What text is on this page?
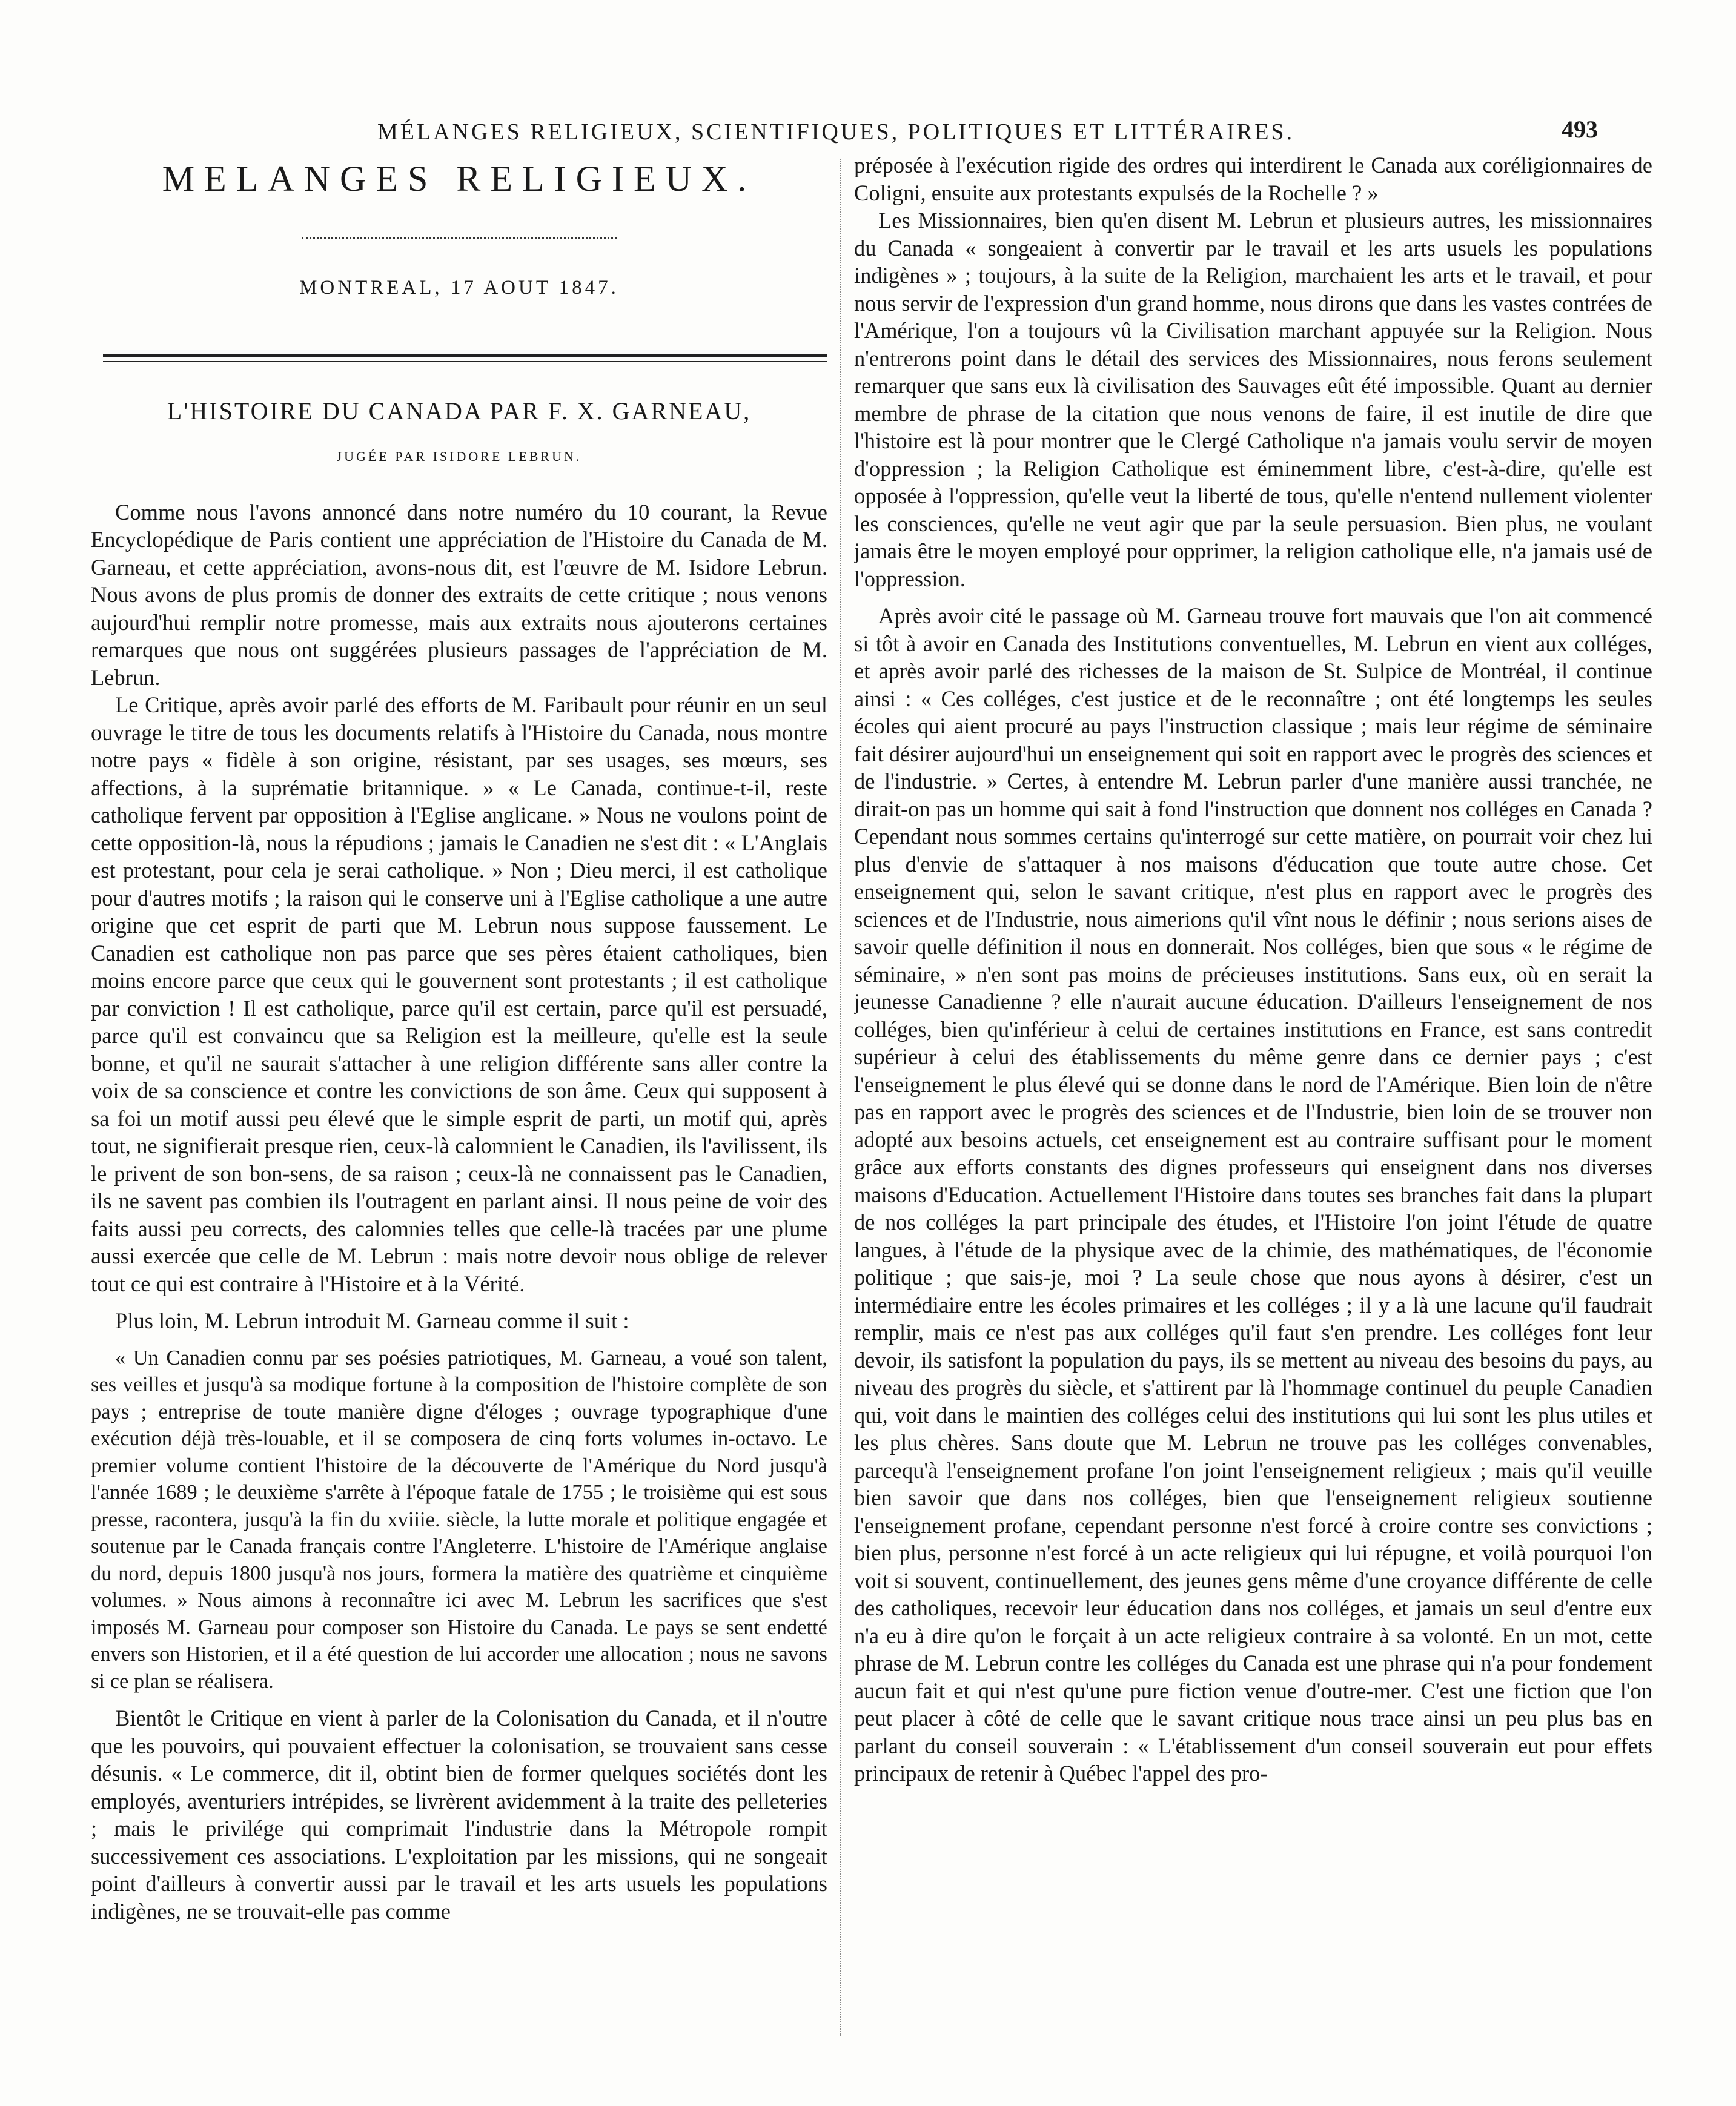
MÉLANGES RELIGIEUX, SCIENTIFIQUES, POLITIQUES ET LITTÉRAIRES.	493
MELANGES RELIGIEUX.
MONTREAL, 17 AOUT 1847.
L'HISTOIRE DU CANADA PAR F. X. GARNEAU,
JUGÉE PAR ISIDORE LEBRUN.

Comme nous l'avons annoncé dans notre numéro du 10 courant, la Revue Encyclopédique de Paris contient une appréciation de l'Histoire du Canada de M. Garneau, et cette appréciation, avons-nous dit, est l'œuvre de M. Isidore Lebrun. Nous avons de plus promis de donner des extraits de cette critique ; nous venons aujourd'hui remplir notre promesse, mais aux extraits nous ajouterons certaines remarques que nous ont suggérées plusieurs passages de l'appréciation de M. Lebrun.

Le Critique, après avoir parlé des efforts de M. Faribault pour réunir en un seul ouvrage le titre de tous les documents relatifs à l'Histoire du Canada, nous montre notre pays « fidèle à son origine, résistant, par ses usages, ses mœurs, ses affections, à la suprématie britannique. » « Le Canada, continue-t-il, reste catholique fervent par opposition à l'Eglise anglicane. » Nous ne voulons point de cette opposition-là, nous la répudions ; jamais le Canadien ne s'est dit : « L'Anglais est protestant, pour cela je serai catholique. » Non ; Dieu merci, il est catholique pour d'autres motifs ; la raison qui le conserve uni à l'Eglise catholique a une autre origine que cet esprit de parti que M. Lebrun nous suppose faussement. Le Canadien est catholique non pas parce que ses pères étaient catholiques, bien moins encore parce que ceux qui le gouvernent sont protestants ; il est catholique par conviction ! Il est catholique, parce qu'il est certain, parce qu'il est persuadé, parce qu'il est convaincu que sa Religion est la meilleure, qu'elle est la seule bonne, et qu'il ne saurait s'attacher à une religion différente sans aller contre la voix de sa conscience et contre les convictions de son âme. Ceux qui supposent à sa foi un motif aussi peu élevé que le simple esprit de parti, un motif qui, après tout, ne signifierait presque rien, ceux-là calomnient le Canadien, ils l'avilissent, ils le privent de son bon-sens, de sa raison ; ceux-là ne connaissent pas le Canadien, ils ne savent pas combien ils l'outragent en parlant ainsi. Il nous peine de voir des faits aussi peu corrects, des calomnies telles que celle-là tracées par une plume aussi exercée que celle de M. Lebrun : mais notre devoir nous oblige de relever tout ce qui est contraire à l'Histoire et à la Vérité.

Plus loin, M. Lebrun introduit M. Garneau comme il suit :

« Un Canadien connu par ses poésies patriotiques, M. Garneau, a voué son talent, ses veilles et jusqu'à sa modique fortune à la composition de l'histoire complète de son pays ; entreprise de toute manière digne d'éloges ; ouvrage typographique d'une exécution déjà très-louable, et il se composera de cinq forts volumes in-octavo. Le premier volume contient l'histoire de la découverte de l'Amérique du Nord jusqu'à l'année 1689 ; le deuxième s'arrête à l'époque fatale de 1755 ; le troisième qui est sous presse, racontera, jusqu'à la fin du xviiie. siècle, la lutte morale et politique engagée et soutenue par le Canada français contre l'Angleterre. L'histoire de l'Amérique anglaise du nord, depuis 1800 jusqu'à nos jours, formera la matière des quatrième et cinquième volumes. » Nous aimons à reconnaître ici avec M. Lebrun les sacrifices que s'est imposés M. Garneau pour composer son Histoire du Canada. Le pays se sent endetté envers son Historien, et il a été question de lui accorder une allocation ; nous ne savons si ce plan se réalisera.

Bientôt le Critique en vient à parler de la Colonisation du Canada, et il n'outre que les pouvoirs, qui pouvaient effectuer la colonisation, se trouvaient sans cesse désunis. « Le commerce, dit il, obtint bien de former quelques sociétés dont les employés, aventuriers intrépides, se livrèrent avidemment à la traite des pelleteries ; mais le privilége qui comprimait l'industrie dans la Métropole rompit successivement ces associations. L'exploitation par les missions, qui ne songeait point d'ailleurs à convertir aussi par le travail et les arts usuels les populations indigènes, ne se trouvait-elle pas comme

préposée à l'exécution rigide des ordres qui interdirent le Canada aux coréligionnaires de Coligni, ensuite aux protestants expulsés de la Rochelle ? »

Les Missionnaires, bien qu'en disent M. Lebrun et plusieurs autres, les missionnaires du Canada « songeaient à convertir par le travail et les arts usuels les populations indigènes » ; toujours, à la suite de la Religion, marchaient les arts et le travail, et pour nous servir de l'expression d'un grand homme, nous dirons que dans les vastes contrées de l'Amérique, l'on a toujours vû la Civilisation marchant appuyée sur la Religion. Nous n'entrerons point dans le détail des services des Missionnaires, nous ferons seulement remarquer que sans eux là civilisation des Sauvages eût été impossible. Quant au dernier membre de phrase de la citation que nous venons de faire, il est inutile de dire que l'histoire est là pour montrer que le Clergé Catholique n'a jamais voulu servir de moyen d'oppression ; la Religion Catholique est éminemment libre, c'est-à-dire, qu'elle est opposée à l'oppression, qu'elle veut la liberté de tous, qu'elle n'entend nullement violenter les consciences, qu'elle ne veut agir que par la seule persuasion. Bien plus, ne voulant jamais être le moyen employé pour opprimer, la religion catholique elle, n'a jamais usé de l'oppression.

Après avoir cité le passage où M. Garneau trouve fort mauvais que l'on ait commencé si tôt à avoir en Canada des Institutions conventuelles, M. Lebrun en vient aux colléges, et après avoir parlé des richesses de la maison de St. Sulpice de Montréal, il continue ainsi : « Ces colléges, c'est justice et de le reconnaître ; ont été longtemps les seules écoles qui aient procuré au pays l'instruction classique ; mais leur régime de séminaire fait désirer aujourd'hui un enseignement qui soit en rapport avec le progrès des sciences et de l'industrie. » Certes, à entendre M. Lebrun parler d'une manière aussi tranchée, ne dirait-on pas un homme qui sait à fond l'instruction que donnent nos colléges en Canada ? Cependant nous sommes certains qu'interrogé sur cette matière, on pourrait voir chez lui plus d'envie de s'attaquer à nos maisons d'éducation que toute autre chose. Cet enseignement qui, selon le savant critique, n'est plus en rapport avec le progrès des sciences et de l'Industrie, nous aimerions qu'il vînt nous le définir ; nous serions aises de savoir quelle définition il nous en donnerait. Nos colléges, bien que sous « le régime de séminaire, » n'en sont pas moins de précieuses institutions. Sans eux, où en serait la jeunesse Canadienne ? elle n'aurait aucune éducation. D'ailleurs l'enseignement de nos colléges, bien qu'inférieur à celui de certaines institutions en France, est sans contredit supérieur à celui des établissements du même genre dans ce dernier pays ; c'est l'enseignement le plus élevé qui se donne dans le nord de l'Amérique. Bien loin de n'être pas en rapport avec le progrès des sciences et de l'Industrie, bien loin de se trouver non adopté aux besoins actuels, cet enseignement est au contraire suffisant pour le moment grâce aux efforts constants des dignes professeurs qui enseignent dans nos diverses maisons d'Education. Actuellement l'Histoire dans toutes ses branches fait dans la plupart de nos colléges la part principale des études, et l'Histoire l'on joint l'étude de quatre langues, à l'étude de la physique avec de la chimie, des mathématiques, de l'économie politique ; que sais-je, moi ? La seule chose que nous ayons à désirer, c'est un intermédiaire entre les écoles primaires et les colléges ; il y a là une lacune qu'il faudrait remplir, mais ce n'est pas aux colléges qu'il faut s'en prendre. Les colléges font leur devoir, ils satisfont la population du pays, ils se mettent au niveau des besoins du pays, au niveau des progrès du siècle, et s'attirent par là l'hommage continuel du peuple Canadien qui, voit dans le maintien des colléges celui des institutions qui lui sont les plus utiles et les plus chères. Sans doute que M. Lebrun ne trouve pas les colléges convenables, parcequ'à l'enseignement profane l'on joint l'enseignement religieux ; mais qu'il veuille bien savoir que dans nos colléges, bien que l'enseignement religieux soutienne l'enseignement profane, cependant personne n'est forcé à croire contre ses convictions ; bien plus, personne n'est forcé à un acte religieux qui lui répugne, et voilà pourquoi l'on voit si souvent, continuellement, des jeunes gens même d'une croyance différente de celle des catholiques, recevoir leur éducation dans nos colléges, et jamais un seul d'entre eux n'a eu à dire qu'on le forçait à un acte religieux contraire à sa volonté. En un mot, cette phrase de M. Lebrun contre les colléges du Canada est une phrase qui n'a pour fondement aucun fait et qui n'est qu'une pure fiction venue d'outre-mer. C'est une fiction que l'on peut placer à côté de celle que le savant critique nous trace ainsi un peu plus bas en parlant du conseil souverain : « L'établissement d'un conseil souverain eut pour effets principaux de retenir à Québec l'appel des pro-
